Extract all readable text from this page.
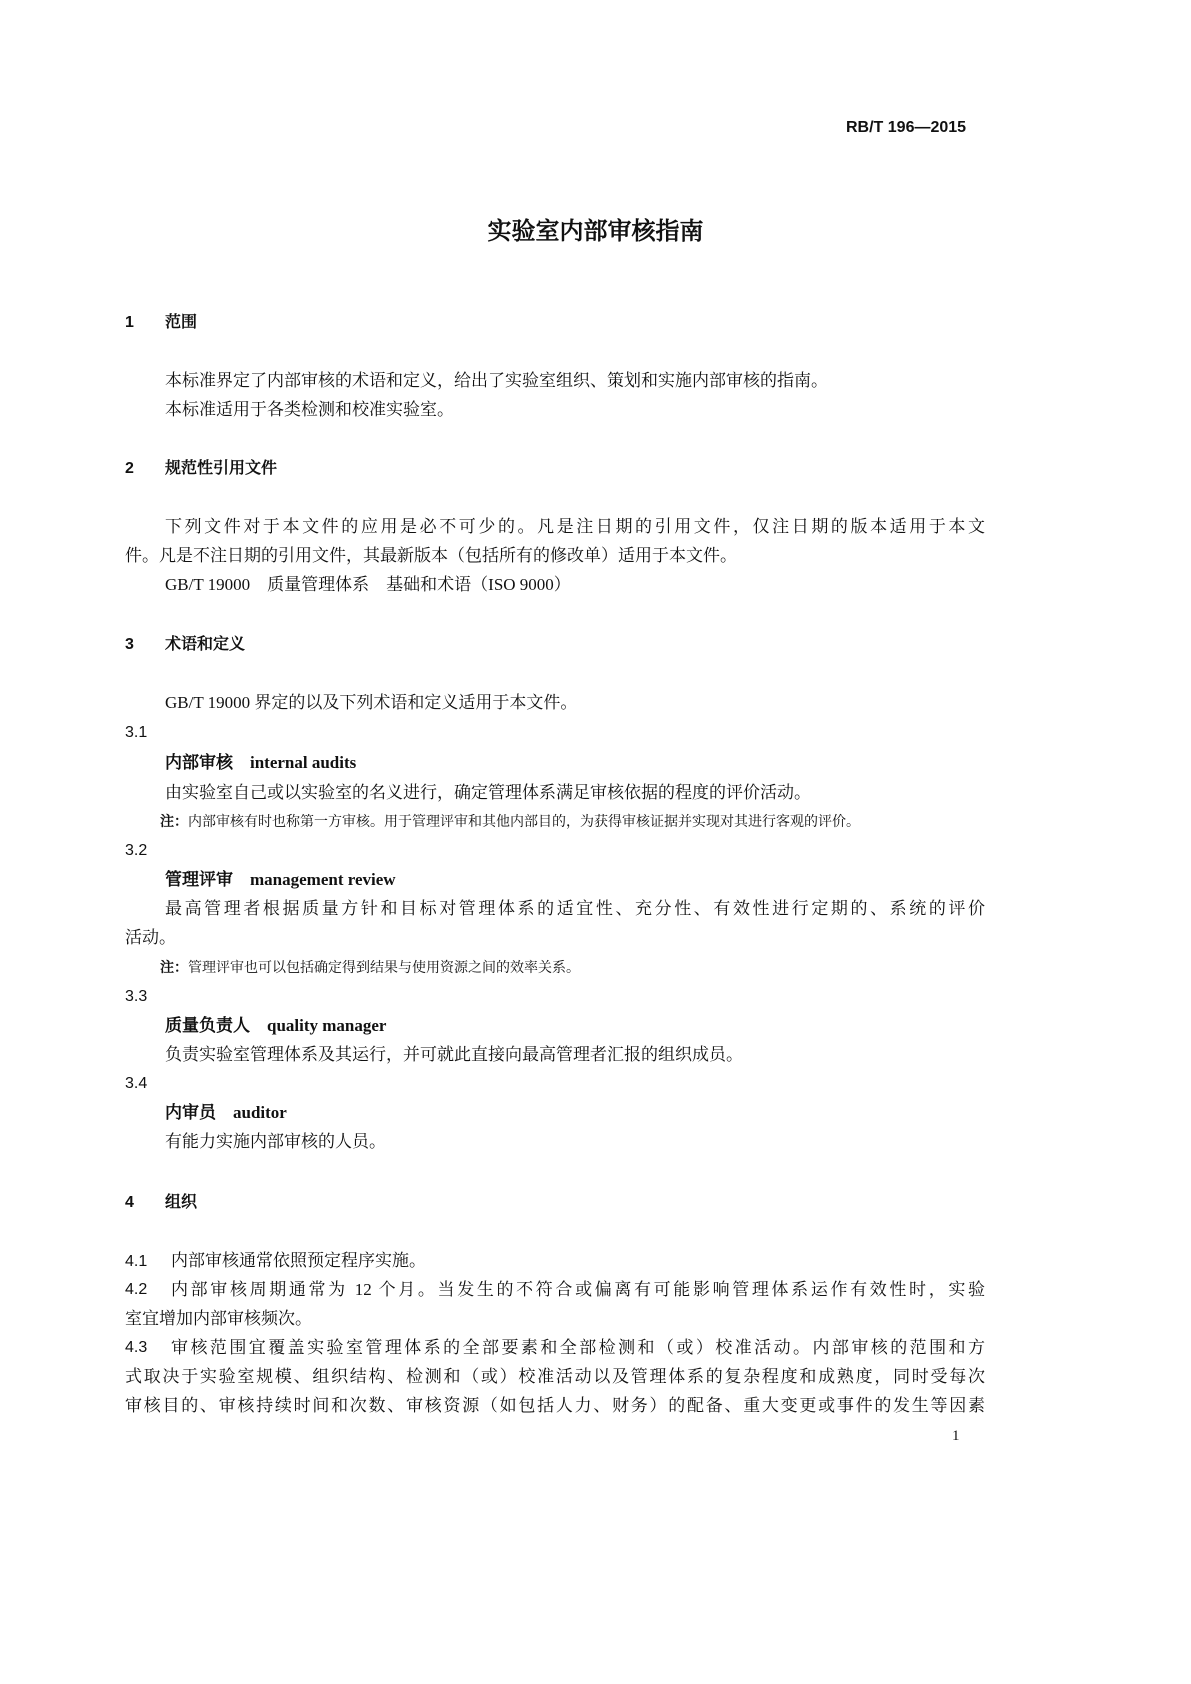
RB/T 196—2015
实验室内部审核指南
1 范围
本标准界定了内部审核的术语和定义，给出了实验室组织、策划和实施内部审核的指南。
本标准适用于各类检测和校准实验室。
2 规范性引用文件
下列文件对于本文件的应用是必不可少的。凡是注日期的引用文件，仅注日期的版本适用于本文
件。凡是不注日期的引用文件，其最新版本（包括所有的修改单）适用于本文件。
GB/T 19000　质量管理体系　基础和术语（ISO 9000）
3 术语和定义
GB/T 19000 界定的以及下列术语和定义适用于本文件。
3.1
内部审核　internal audits
由实验室自己或以实验室的名义进行，确定管理体系满足审核依据的程度的评价活动。
注：内部审核有时也称第一方审核。用于管理评审和其他内部目的，为获得审核证据并实现对其进行客观的评价。
3.2
管理评审　management review
最高管理者根据质量方针和目标对管理体系的适宜性、充分性、有效性进行定期的、系统的评价
活动。
注：管理评审也可以包括确定得到结果与使用资源之间的效率关系。
3.3
质量负责人　quality manager
负责实验室管理体系及其运行，并可就此直接向最高管理者汇报的组织成员。
3.4
内审员　auditor
有能力实施内部审核的人员。
4 组织
4.1 内部审核通常依照预定程序实施。
4.2	内部审核周期通常为 12 个月。当发生的不符合或偏离有可能影响管理体系运作有效性时，实验
室宜增加内部审核频次。
4.3	审核范围宜覆盖实验室管理体系的全部要素和全部检测和（或）校准活动。内部审核的范围和方
式取决于实验室规模、组织结构、检测和（或）校准活动以及管理体系的复杂程度和成熟度，同时受每次
审核目的、审核持续时间和次数、审核资源（如包括人力、财务）的配备、重大变更或事件的发生等因素
1
